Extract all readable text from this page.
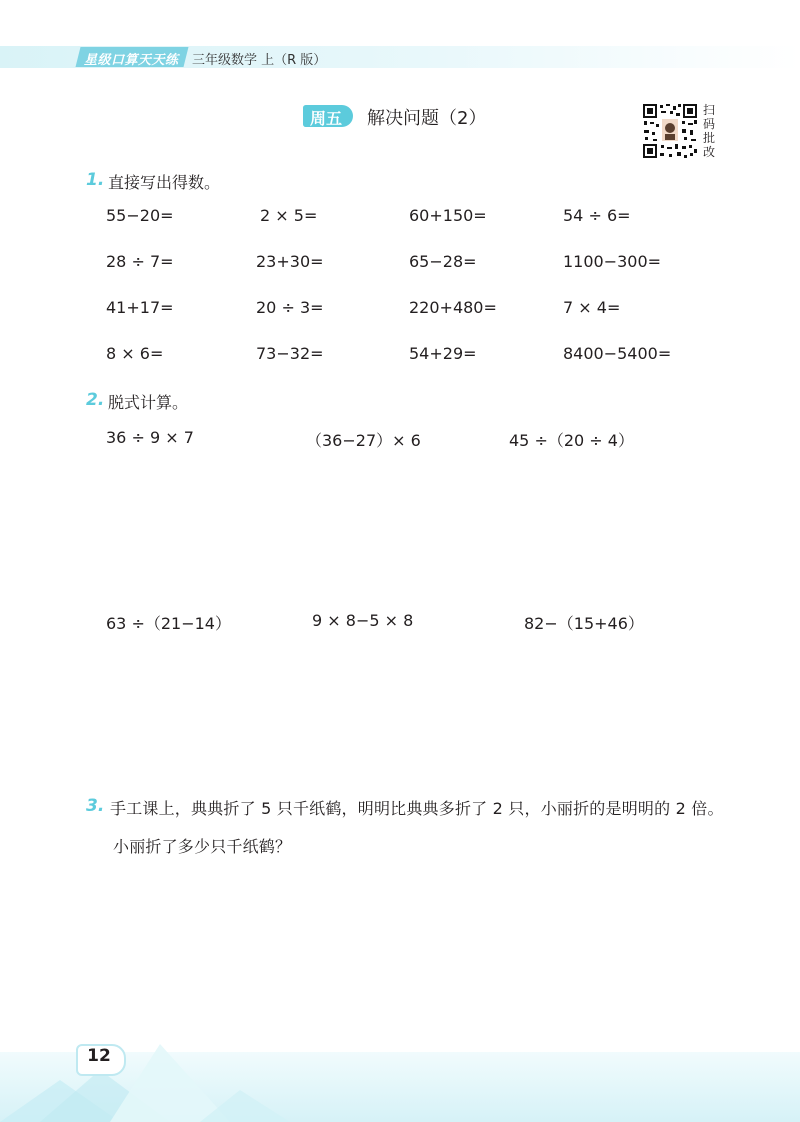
星级口算天天练 三年级数学 上（R 版）
周五	解决问题（2）	扫码批改
1. 直接写出得数。
55−20=	2 × 5=	60+150=	54 ÷ 6=
28 ÷ 7=	23+30=	65−28=	1100−300=
41+17=	20 ÷ 3=	220+480=	7 × 4=
8 × 6=	73−32=	54+29=	8400−5400=
2. 脱式计算。
36 ÷ 9 × 7	（36−27）× 6	45 ÷（20 ÷ 4）
63 ÷（21−14）	9 × 8−5 × 8	82−（15+46）
3. 手工课上，典典折了 5 只千纸鹤，明明比典典多折了 2 只，小丽折的是明明的 2 倍。
小丽折了多少只千纸鹤？
12
